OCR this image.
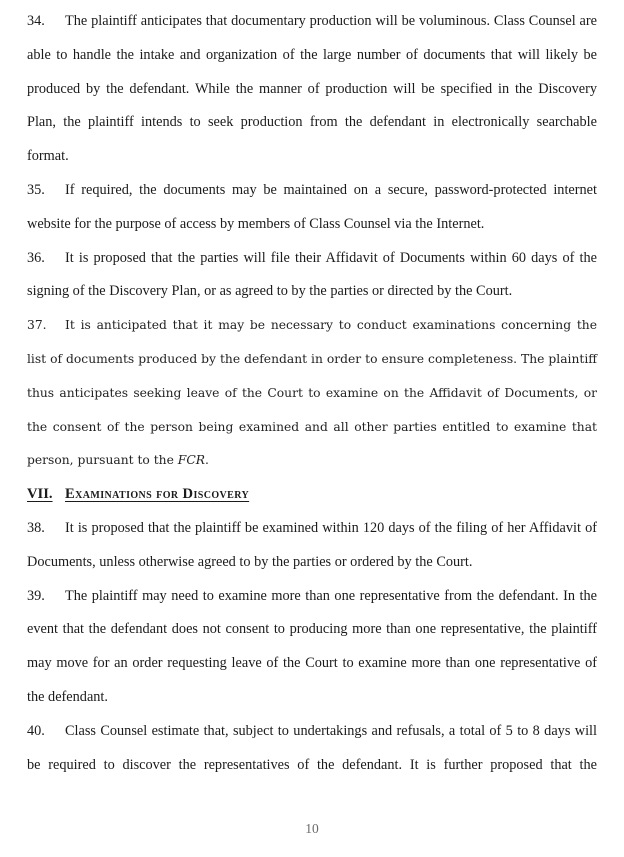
34. The plaintiff anticipates that documentary production will be voluminous. Class Counsel are able to handle the intake and organization of the large number of documents that will likely be produced by the defendant. While the manner of production will be specified in the Discovery Plan, the plaintiff intends to seek production from the defendant in electronically searchable format.

35. If required, the documents may be maintained on a secure, password-protected internet website for the purpose of access by members of Class Counsel via the Internet.

36. It is proposed that the parties will file their Affidavit of Documents within 60 days of the signing of the Discovery Plan, or as agreed to by the parties or directed by the Court.

37. It is anticipated that it may be necessary to conduct examinations concerning the list of documents produced by the defendant in order to ensure completeness. The plaintiff thus anticipates seeking leave of the Court to examine on the Affidavit of Documents, or the consent of the person being examined and all other parties entitled to examine that person, pursuant to the FCR.

VII. Examinations for Discovery

38. It is proposed that the plaintiff be examined within 120 days of the filing of her Affidavit of Documents, unless otherwise agreed to by the parties or ordered by the Court.

39. The plaintiff may need to examine more than one representative from the defendant. In the event that the defendant does not consent to producing more than one representative, the plaintiff may move for an order requesting leave of the Court to examine more than one representative of the defendant.

40. Class Counsel estimate that, subject to undertakings and refusals, a total of 5 to 8 days will be required to discover the representatives of the defendant. It is further proposed that the

10
